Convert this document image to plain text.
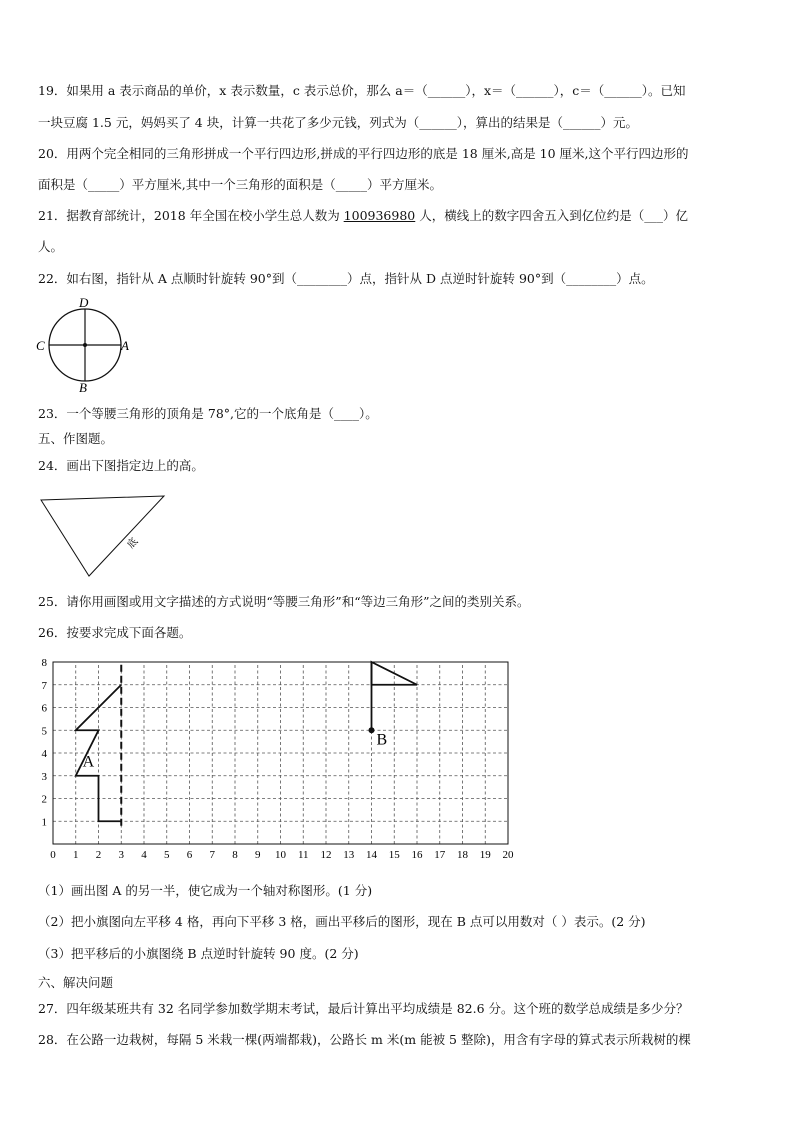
19．如果用 a 表示商品的单价，x 表示数量，c 表示总价，那么 a＝（______），x＝（______），c＝（______）。已知
一块豆腐 1.5 元，妈妈买了 4 块，计算一共花了多少元钱，列式为（______），算出的结果是（______）元。
20．用两个完全相同的三角形拼成一个平行四边形,拼成的平行四边形的底是 18 厘米,高是 10 厘米,这个平行四边形的
面积是（_____）平方厘米,其中一个三角形的面积是（_____）平方厘米。
21．据教育部统计，2018 年全国在校小学生总人数为 100936980 人，横线上的数字四舍五入到亿位约是（___）亿
人。
22．如右图，指针从 A 点顺时针旋转 90°到（________）点，指针从 D 点逆时针旋转 90°到（________）点。
D
C	A
B
23．一个等腰三角形的顶角是 78°,它的一个底角是（____）。
五、作图题。
24．画出下图指定边上的高。
底
25．请你用画图或用文字描述的方式说明“等腰三角形”和“等边三角形”之间的类别关系。
26．按要求完成下面各题。
0 1 2 3 4 5 6 7 8 9 10 11 12 13 14 15 16 17 18 19 20
1
2
3
4
5
6
7
8
A
B
（1）画出图 A 的另一半，使它成为一个轴对称图形。(1 分)
（2）把小旗图向左平移 4 格，再向下平移 3 格，画出平移后的图形，现在 B 点可以用数对（ ）表示。(2 分)
（3）把平移后的小旗图绕 B 点逆时针旋转 90 度。(2 分)
六、解决问题
27．四年级某班共有 32 名同学参加数学期末考试，最后计算出平均成绩是 82.6 分。这个班的数学总成绩是多少分？
28．在公路一边栽树，每隔 5 米栽一棵(两端都栽)，公路长 m 米(m 能被 5 整除)，用含有字母的算式表示所栽树的棵
